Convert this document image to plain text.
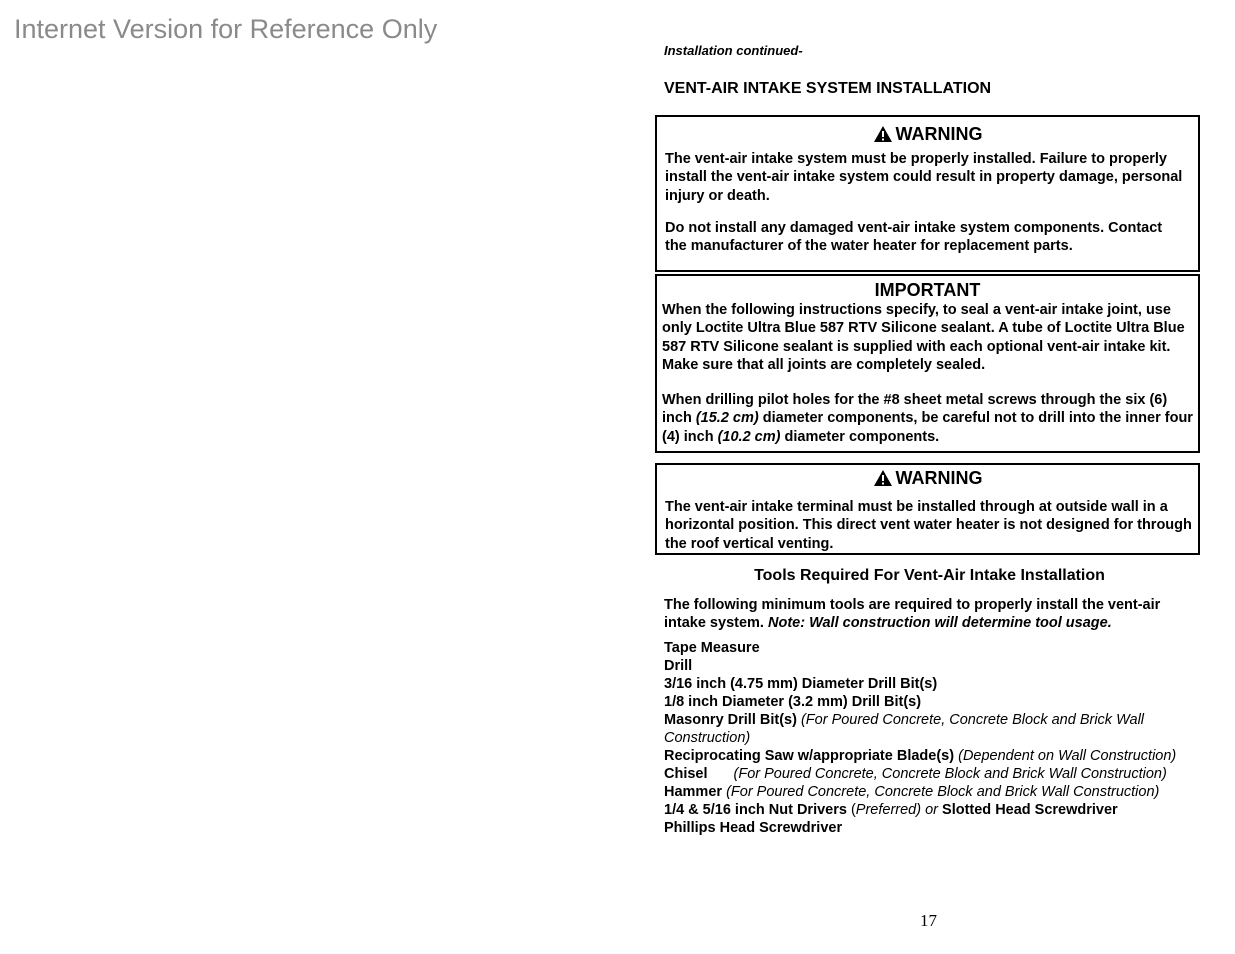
Internet Version for Reference Only
Installation continued-
VENT-AIR INTAKE SYSTEM INSTALLATION
WARNING
The vent-air intake system must be properly installed. Failure to properly install the vent-air intake system could result in property damage, personal injury or death.
Do not install any damaged vent-air intake system components. Contact the manufacturer of the water heater for replacement parts.
IMPORTANT
When the following instructions specify, to seal a vent-air intake joint, use only Loctite Ultra Blue 587 RTV Silicone sealant. A tube of Loctite Ultra Blue 587 RTV Silicone sealant is supplied with each optional vent-air intake kit. Make sure that all joints are completely sealed.
When drilling pilot holes for the #8 sheet metal screws through the six (6) inch (15.2 cm) diameter components, be careful not to drill into the inner four (4) inch (10.2 cm) diameter components.
WARNING
The vent-air intake terminal must be installed through at outside wall in a horizontal position. This direct vent water heater is not designed for through the roof vertical venting.
Tools Required For Vent-Air Intake Installation
The following minimum tools are required to properly install the vent-air intake system. Note: Wall construction will determine tool usage.

Tape Measure

Drill

3/16 inch (4.75 mm) Diameter Drill Bit(s)

1/8 inch Diameter (3.2 mm) Drill Bit(s)

Masonry Drill Bit(s) (For Poured Concrete, Concrete Block and Brick Wall Construction)

Reciprocating Saw w/appropriate Blade(s) (Dependent on Wall Construction)

Chisel (For Poured Concrete, Concrete Block and Brick Wall Construction)

Hammer (For Poured Concrete, Concrete Block and Brick Wall Construction)

1/4 & 5/16 inch Nut Drivers (Preferred) or Slotted Head Screwdriver

Phillips Head Screwdriver

17
